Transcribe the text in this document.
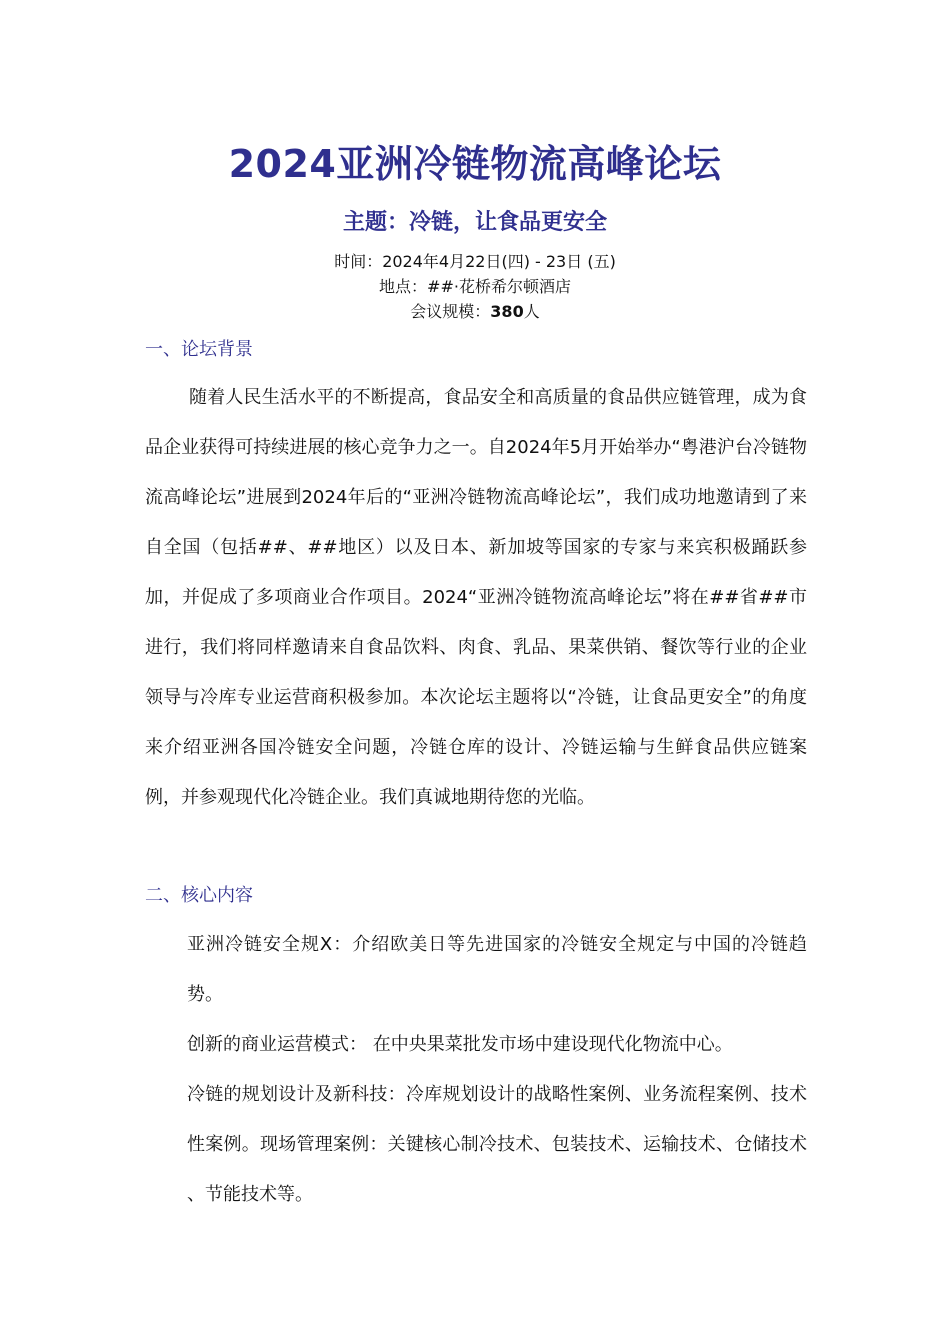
2024亚洲冷链物流高峰论坛
主题：冷链，让食品更安全
时间：2024年4月22日(四) - 23日 (五)
地点：##·花桥希尔顿酒店
会议规模：380人
一、论坛背景
随着人民生活水平的不断提高，食品安全和高质量的食品供应链管理，成为食品企业获得可持续进展的核心竞争力之一。自2024年5月开始举办“粤港沪台冷链物流高峰论坛”进展到2024年后的“亚洲冷链物流高峰论坛”，我们成功地邀请到了来自全国（包括##、##地区）以及日本、新加坡等国家的专家与来宾积极踊跃参加，并促成了多项商业合作项目。2024“亚洲冷链物流高峰论坛”将在##省##市进行，我们将同样邀请来自食品饮料、肉食、乳品、果菜供销、餐饮等行业的企业领导与冷库专业运营商积极参加。本次论坛主题将以“冷链，让食品更安全”的角度来介绍亚洲各国冷链安全问题，冷链仓库的设计、冷链运输与生鲜食品供应链案例，并参观现代化冷链企业。我们真诚地期待您的光临。
二、核心内容
亚洲冷链安全规X：介绍欧美日等先进国家的冷链安全规定与中国的冷链趋势。
创新的商业运营模式： 在中央果菜批发市场中建设现代化物流中心。
冷链的规划设计及新科技：冷库规划设计的战略性案例、业务流程案例、技术性案例。现场管理案例：关键核心制冷技术、包装技术、运输技术、仓储技术 、节能技术等。
